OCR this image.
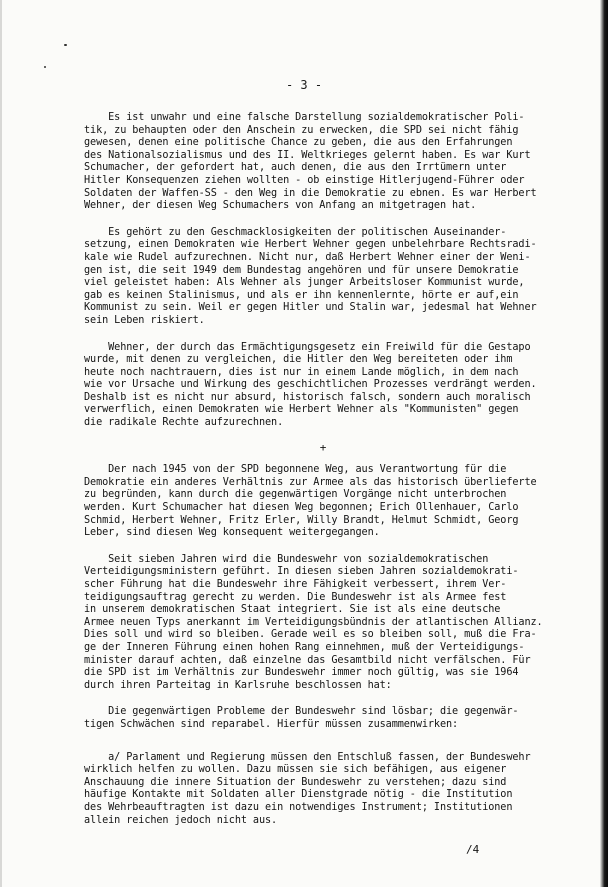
- 3 -

Es ist unwahr und eine falsche Darstellung sozialdemokratischer Poli-
tik, zu behaupten oder den Anschein zu erwecken, die SPD sei nicht fähig
gewesen, denen eine politische Chance zu geben, die aus den Erfahrungen
des Nationalsozialismus und des II. Weltkrieges gelernt haben. Es war Kurt
Schumacher, der gefordert hat, auch denen, die aus den Irrtümern unter
Hitler Konsequenzen ziehen wollten - ob einstige Hitlerjugend-Führer oder
Soldaten der Waffen-SS - den Weg in die Demokratie zu ebnen. Es war Herbert
Wehner, der diesen Weg Schumachers von Anfang an mitgetragen hat.

Es gehört zu den Geschmacklosigkeiten der politischen Auseinander-
setzung, einen Demokraten wie Herbert Wehner gegen unbelehrbare Rechtsradi-
kale wie Rudel aufzurechnen. Nicht nur, daß Herbert Wehner einer der Weni-
gen ist, die seit 1949 dem Bundestag angehören und für unsere Demokratie
viel geleistet haben: Als Wehner als junger Arbeitsloser Kommunist wurde,
gab es keinen Stalinismus, und als er ihn kennenlernte, hörte er auf,ein
Kommunist zu sein. Weil er gegen Hitler und Stalin war, jedesmal hat Wehner
sein Leben riskiert.

Wehner, der durch das Ermächtigungsgesetz ein Freiwild für die Gestapo
wurde, mit denen zu vergleichen, die Hitler den Weg bereiteten oder ihm
heute noch nachtrauern, dies ist nur in einem Lande möglich, in dem nach
wie vor Ursache und Wirkung des geschichtlichen Prozesses verdrängt werden.
Deshalb ist es nicht nur absurd, historisch falsch, sondern auch moralisch
verwerflich, einen Demokraten wie Herbert Wehner als "Kommunisten" gegen
die radikale Rechte aufzurechnen.

+

Der nach 1945 von der SPD begonnene Weg, aus Verantwortung für die
Demokratie ein anderes Verhältnis zur Armee als das historisch überlieferte
zu begründen, kann durch die gegenwärtigen Vorgänge nicht unterbrochen
werden. Kurt Schumacher hat diesen Weg begonnen; Erich Ollenhauer, Carlo
Schmid, Herbert Wehner, Fritz Erler, Willy Brandt, Helmut Schmidt, Georg
Leber, sind diesen Weg konsequent weitergegangen.

Seit sieben Jahren wird die Bundeswehr von sozialdemokratischen
Verteidigungsministern geführt. In diesen sieben Jahren sozialdemokrati-
scher Führung hat die Bundeswehr ihre Fähigkeit verbessert, ihrem Ver-
teidigungsauftrag gerecht zu werden. Die Bundeswehr ist als Armee fest
in unserem demokratischen Staat integriert. Sie ist als eine deutsche
Armee neuen Typs anerkannt im Verteidigungsbündnis der atlantischen Allianz.
Dies soll und wird so bleiben. Gerade weil es so bleiben soll, muß die Fra-
ge der Inneren Führung einen hohen Rang einnehmen, muß der Verteidigungs-
minister darauf achten, daß einzelne das Gesamtbild nicht verfälschen. Für
die SPD ist im Verhältnis zur Bundeswehr immer noch gültig, was sie 1964
durch ihren Parteitag in Karlsruhe beschlossen hat:

Die gegenwärtigen Probleme der Bundeswehr sind lösbar; die gegenwär-
tigen Schwächen sind reparabel. Hierfür müssen zusammenwirken:

a/ Parlament und Regierung müssen den Entschluß fassen, der Bundeswehr
wirklich helfen zu wollen. Dazu müssen sie sich befähigen, aus eigener
Anschauung die innere Situation der Bundeswehr zu verstehen; dazu sind
häufige Kontakte mit Soldaten aller Dienstgrade nötig - die Institution
des Wehrbeauftragten ist dazu ein notwendiges Instrument; Institutionen
allein reichen jedoch nicht aus.

/4
